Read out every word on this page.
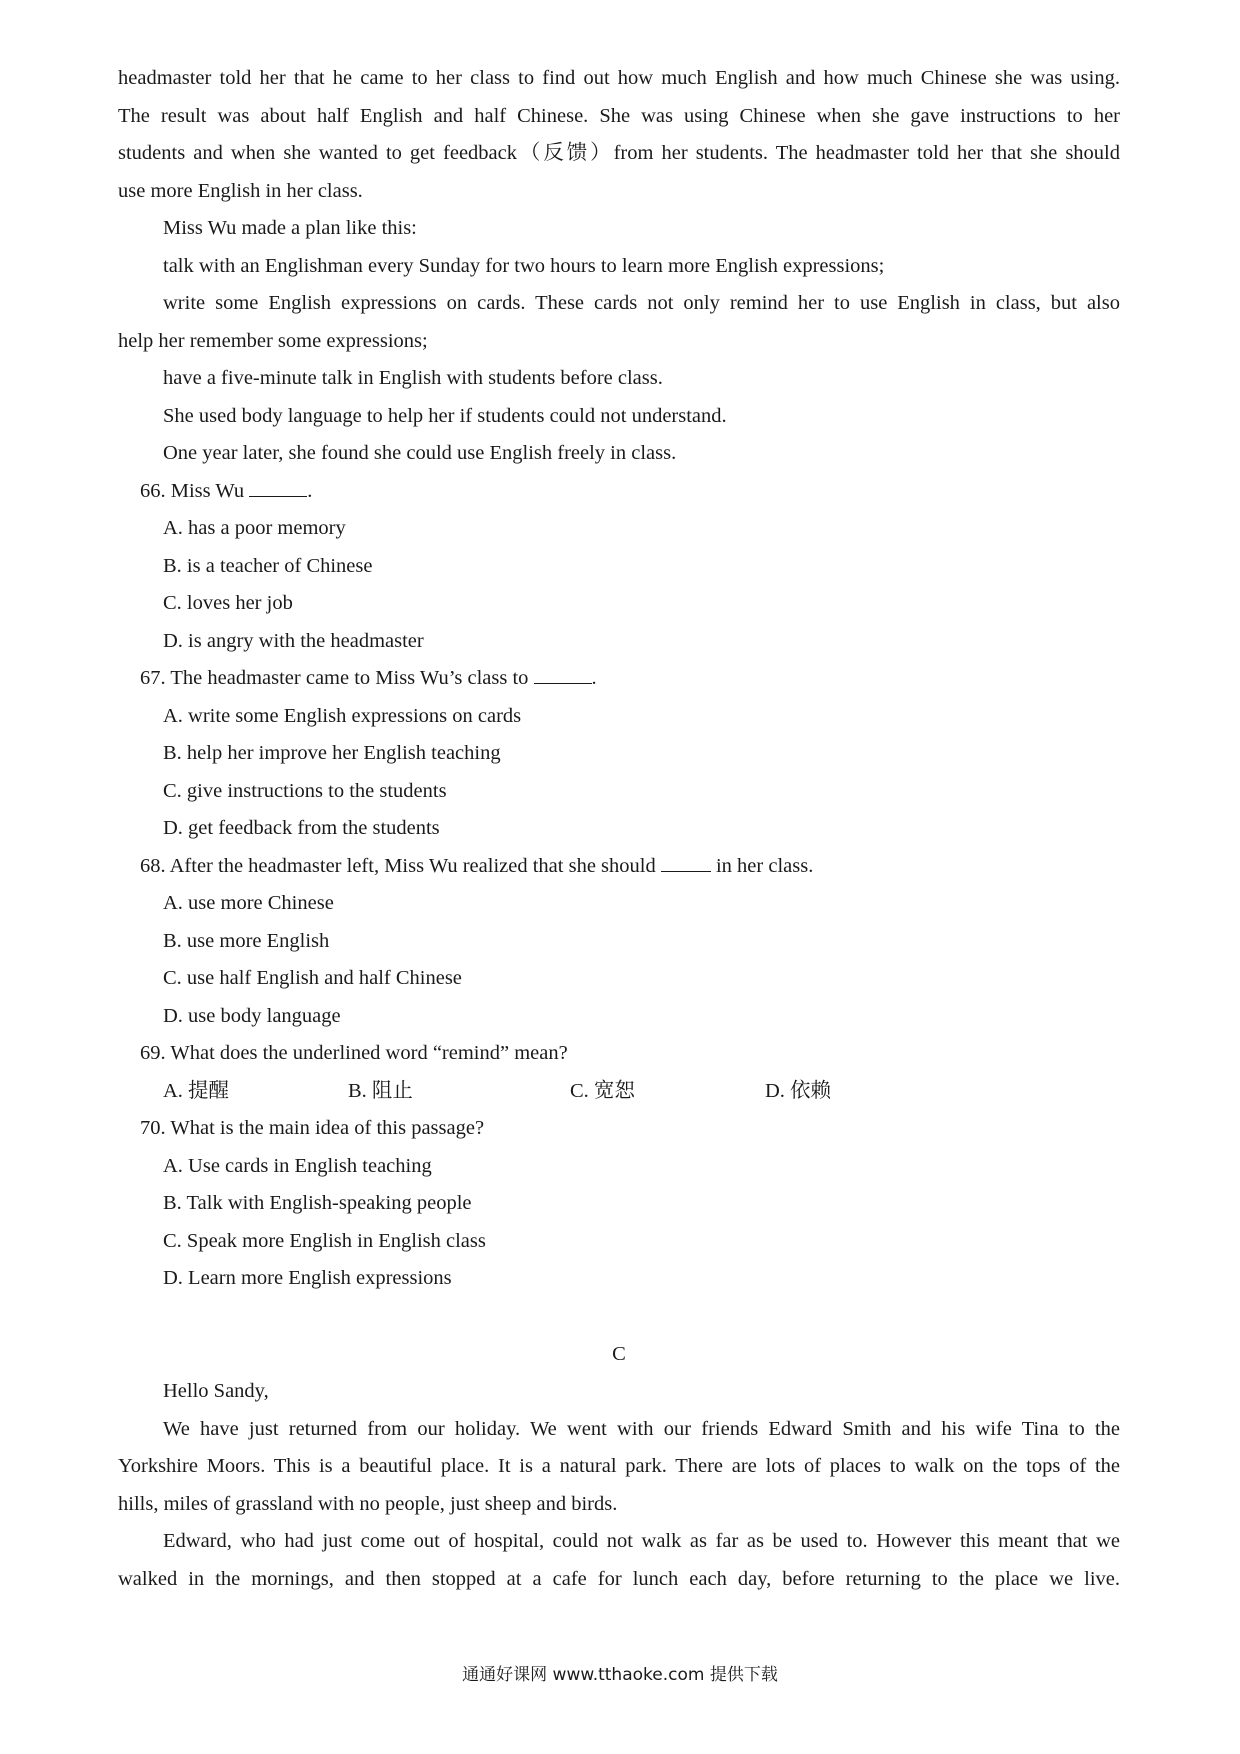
headmaster told her that he came to her class to find out how much English and how much Chinese she was using.

The result was about half English and half Chinese. She was using Chinese when she gave instructions to her

students and when she wanted to get feedback（反馈）from her students. The headmaster told her that she should

use more English in her class.

Miss Wu made a plan like this:

talk with an Englishman every Sunday for two hours to learn more English expressions;

write some English expressions on cards. These cards not only remind her to use English in class, but also

help her remember some expressions;

have a five-minute talk in English with students before class.

She used body language to help her if students could not understand.

One year later, she found she could use English freely in class.

66. Miss Wu	.

A. has a poor memory

B. is a teacher of Chinese

C. loves her job

D. is angry with the headmaster

67. The headmaster came to Miss Wu’s class to	.

A. write some English expressions on cards

B. help her improve her English teaching

C. give instructions to the students

D. get feedback from the students

68. After the headmaster left, Miss Wu realized that she should	in her class.

A. use more Chinese

B. use more English

C. use half English and half Chinese

D. use body language

69. What does the underlined word “remind” mean?

A. 提醒	B. 阻止	C. 宽恕	D. 依赖

70. What is the main idea of this passage?

A. Use cards in English teaching

B. Talk with English-speaking people

C. Speak more English in English class

D. Learn more English expressions

C

Hello Sandy,

We have just returned from our holiday. We went with our friends Edward Smith and his wife Tina to the

Yorkshire Moors. This is a beautiful place. It is a natural park. There are lots of places to walk on the tops of the

hills, miles of grassland with no people, just sheep and birds.

Edward, who had just come out of hospital, could not walk as far as be used to. However this meant that we

walked in the mornings, and then stopped at a cafe for lunch each day, before returning to the place we live.

通通好课网 www.tthaoke.com 提供下载
